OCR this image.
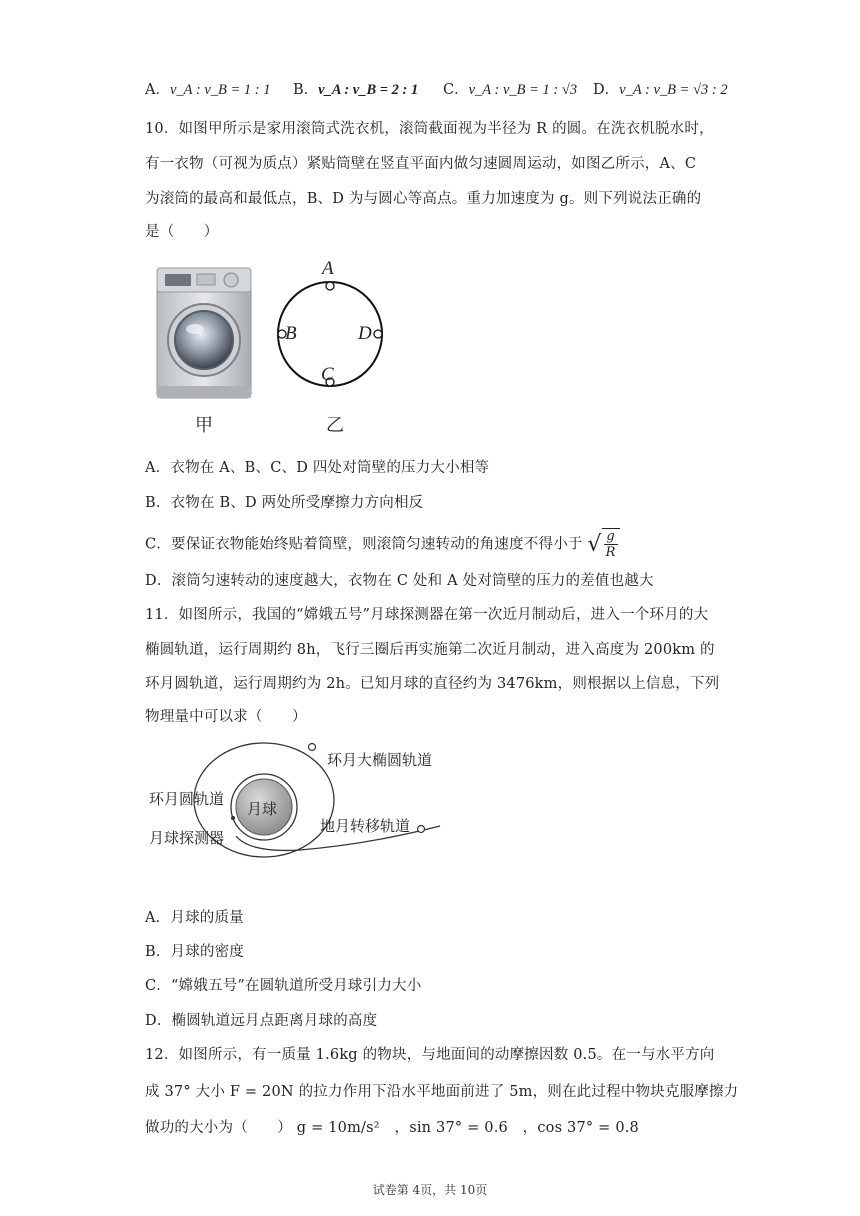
A．v_A : v_B = 1 : 1 B．v_A : v_B = 2 : 1 C．v_A : v_B = 1 : √3 D．v_A : v_B = √3 : 2
10．如图甲所示是家用滚筒式洗衣机，滚筒截面视为半径为 R 的圆。在洗衣机脱水时，
有一衣物（可视为质点）紧贴筒壁在竖直平面内做匀速圆周运动，如图乙所示，A、C
为滚筒的最高和最低点，B、D 为与圆心等高点。重力加速度为 g。则下列说法正确的
是（　　）
甲
A
B
C
D
乙
A．衣物在 A、B、C、D 四处对筒壁的压力大小相等
B．衣物在 B、D 两处所受摩擦力方向相反
C．要保证衣物能始终贴着筒壁，则滚筒匀速转动的角速度不得小于 √ $\frac{g}{R}$
D．滚筒匀速转动的速度越大，衣物在 C 处和 A 处对筒壁的压力的差值也越大
11．如图所示，我国的“嫦娥五号”月球探测器在第一次近月制动后，进入一个环月的大
椭圆轨道，运行周期约 8h，飞行三圈后再实施第二次近月制动，进入高度为 200km 的
环月圆轨道，运行周期约为 2h。已知月球的直径约为 3476km，则根据以上信息，下列
物理量中可以求（　　）
环月大椭圆轨道
环月圆轨道
月球
月球探测器
地月转移轨道
A．月球的质量
B．月球的密度
C．“嫦娥五号”在圆轨道所受月球引力大小
D．椭圆轨道远月点距离月球的高度
12．如图所示，有一质量 1.6kg 的物块，与地面间的动摩擦因数 0.5。在一与水平方向
成 37° 大小 F = 20N 的拉力作用下沿水平地面前进了 5m，则在此过程中物块克服摩擦力
做功的大小为（　　） g = 10m/s²　，sin 37° = 0.6　，cos 37° = 0.8
试卷第 4页，共 10页
